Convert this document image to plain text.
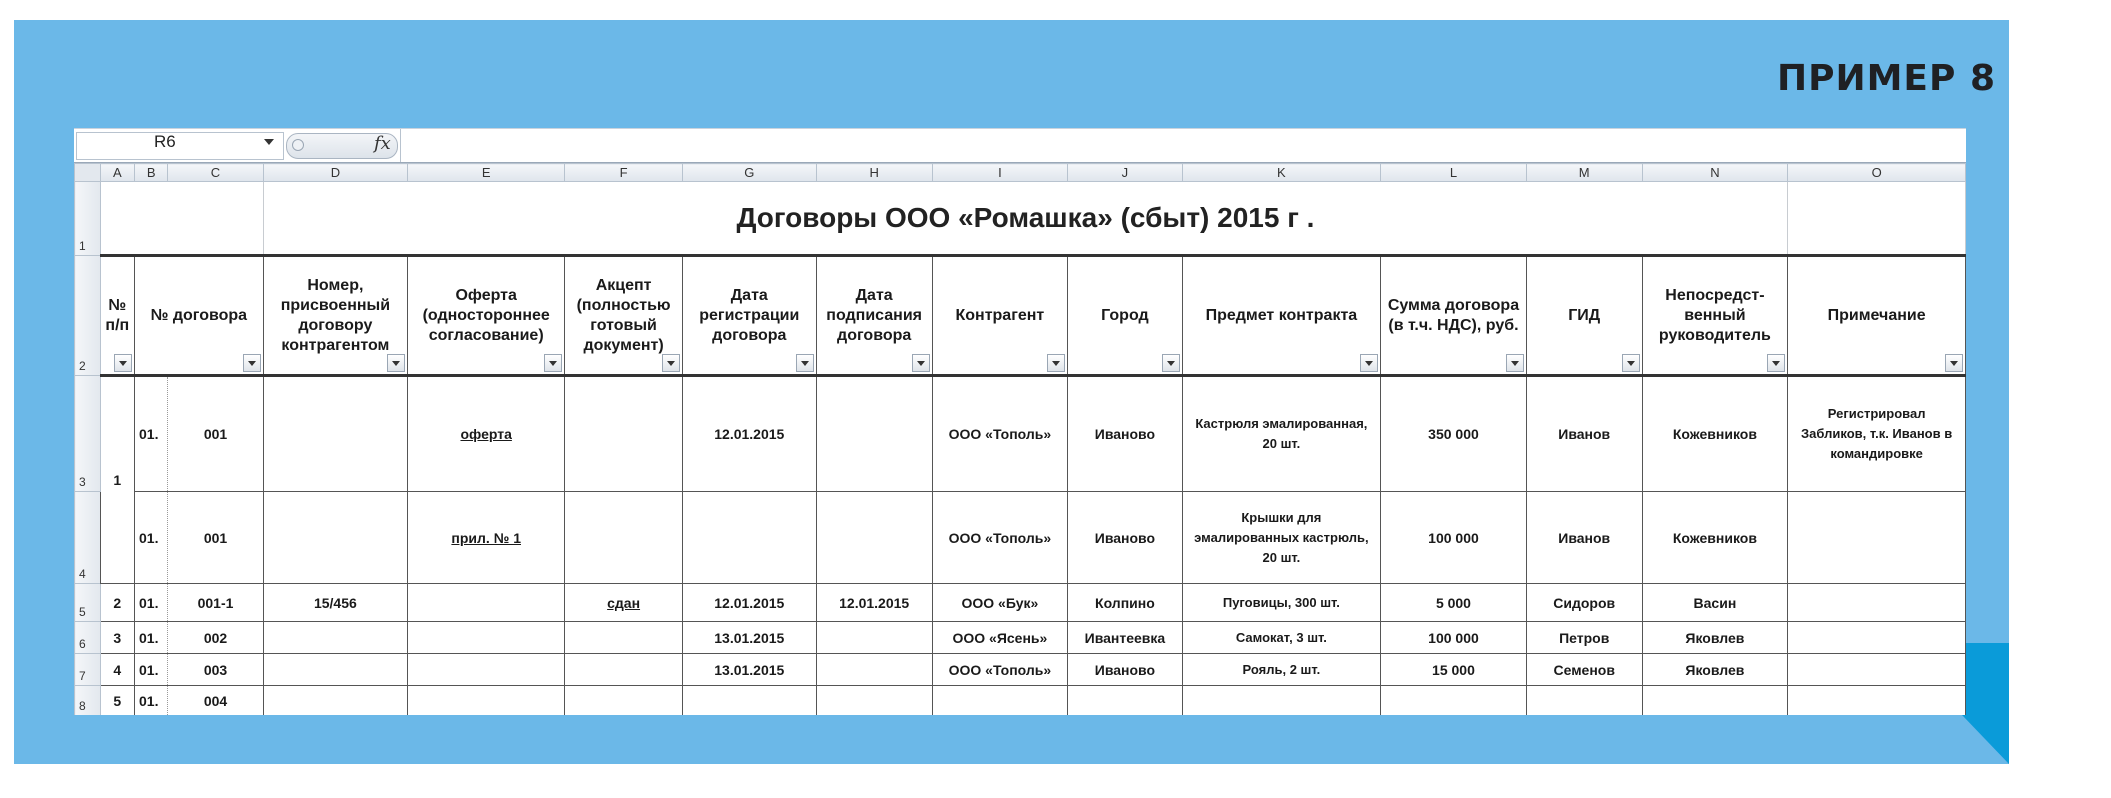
ПРИМЕР 8
R6	fx
	A	B	C	D	E	F	G	H	I	J	K	L	M	N	O
1				Договоры ООО «Ромашка» (сбыт) 2015 г .											
2	№ п/п	№ договора		Номер, присвоенный договору контрагентом	Оферта (одностороннее согласование)	Акцепт (полностью готовый документ)	Дата регистрации договора	Дата подписания договора	Контрагент	Город	Предмет контракта	Сумма договора (в т.ч. НДС), руб.	ГИД	Непосредст-венный руководитель	Примечание

3	1	01.	001		оферта		12.01.2015		ООО «Тополь»	Иваново	Кастрюля эмалированная, 20 шт.	350 000	Иванов	Кожевников	Регистрировал Забликов, т.к. Иванов в командировке
4		01.	001		прил. № 1				ООО «Тополь»	Иваново	Крышки для эмалированных кастрюль, 20 шт.	100 000	Иванов	Кожевников	
5	2	01.	001-1	15/456		сдан	12.01.2015	12.01.2015	ООО «Бук»	Колпино	Пуговицы, 300 шт.	5 000	Сидоров	Васин	
6	3	01.	002				13.01.2015		ООО «Ясень»	Ивантеевка	Самокат, 3 шт.	100 000	Петров	Яковлев	
7	4	01.	003				13.01.2015		ООО «Тополь»	Иваново	Рояль, 2 шт.	15 000	Семенов	Яковлев	
8	5	01.	004												
